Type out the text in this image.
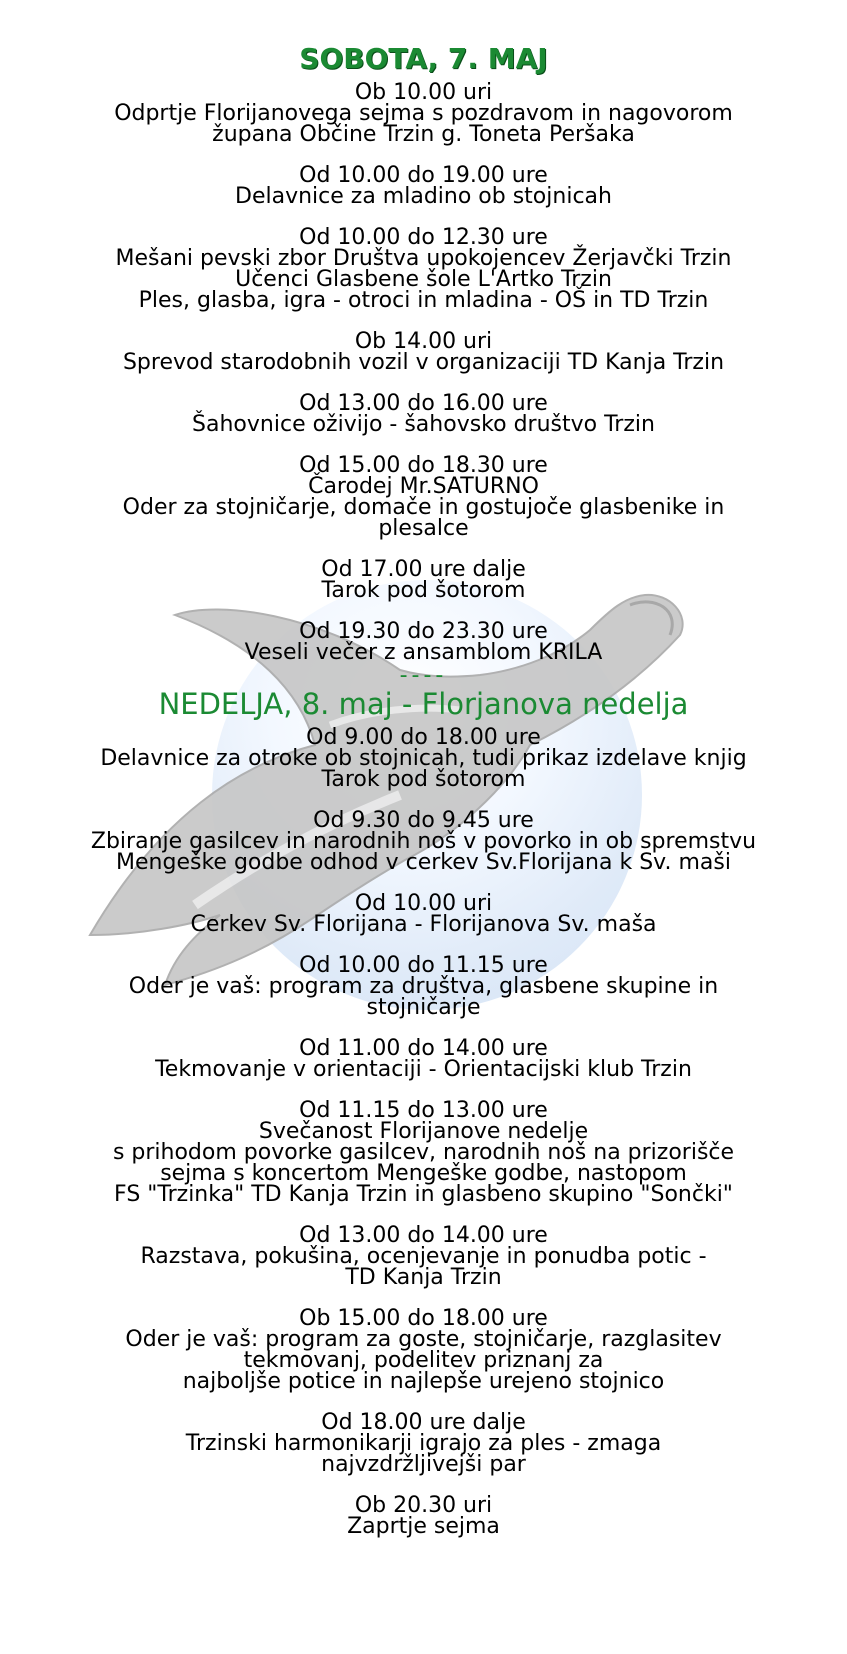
SOBOTA, 7. MAJ
Ob 10.00 uri
Odprtje Florijanovega sejma s pozdravom in nagovorom
župana Občine Trzin g. Toneta Peršaka
Od 10.00 do 19.00 ure
Delavnice za mladino ob stojnicah
Od 10.00 do 12.30 ure
Mešani pevski zbor Društva upokojencev Žerjavčki Trzin
Učenci Glasbene šole L'Artko Trzin
Ples, glasba, igra - otroci in mladina - OŠ in TD Trzin
Ob 14.00 uri
Sprevod starodobnih vozil v organizaciji TD Kanja Trzin
Od 13.00 do 16.00 ure
Šahovnice oživijo - šahovsko društvo Trzin
Od 15.00 do 18.30 ure
Čarodej Mr.SATURNO
Oder za stojničarje, domače in gostujoče glasbenike in
plesalce
Od 17.00 ure dalje
Tarok pod šotorom
Od 19.30 do 23.30 ure
Veseli večer z ansamblom KRILA
----
NEDELJA, 8. maj - Florjanova nedelja
Od 9.00 do 18.00 ure
Delavnice za otroke ob stojnicah, tudi prikaz izdelave knjig
Tarok pod šotorom
Od 9.30 do 9.45 ure
Zbiranje gasilcev in narodnih noš v povorko in ob spremstvu
Mengeške godbe odhod v cerkev Sv.Florijana k Sv. maši
Od 10.00 uri
Cerkev Sv. Florijana - Florijanova Sv. maša
Od 10.00 do 11.15 ure
Oder je vaš: program za društva, glasbene skupine in
stojničarje
Od 11.00 do 14.00 ure
Tekmovanje v orientaciji - Orientacijski klub Trzin
Od 11.15 do 13.00 ure
Svečanost Florijanove nedelje
s prihodom povorke gasilcev, narodnih noš na prizorišče
sejma s koncertom Mengeške godbe, nastopom
FS "Trzinka" TD Kanja Trzin in glasbeno skupino "Sončki"
Od 13.00 do 14.00 ure
Razstava, pokušina, ocenjevanje in ponudba potic -
TD Kanja Trzin
Ob 15.00 do 18.00 ure
Oder je vaš: program za goste, stojničarje, razglasitev
tekmovanj, podelitev priznanj za
najboljše potice in najlepše urejeno stojnico
Od 18.00 ure dalje
Trzinski harmonikarji igrajo za ples - zmaga
najvzdržljivejši par
Ob 20.30 uri
Zaprtje sejma
